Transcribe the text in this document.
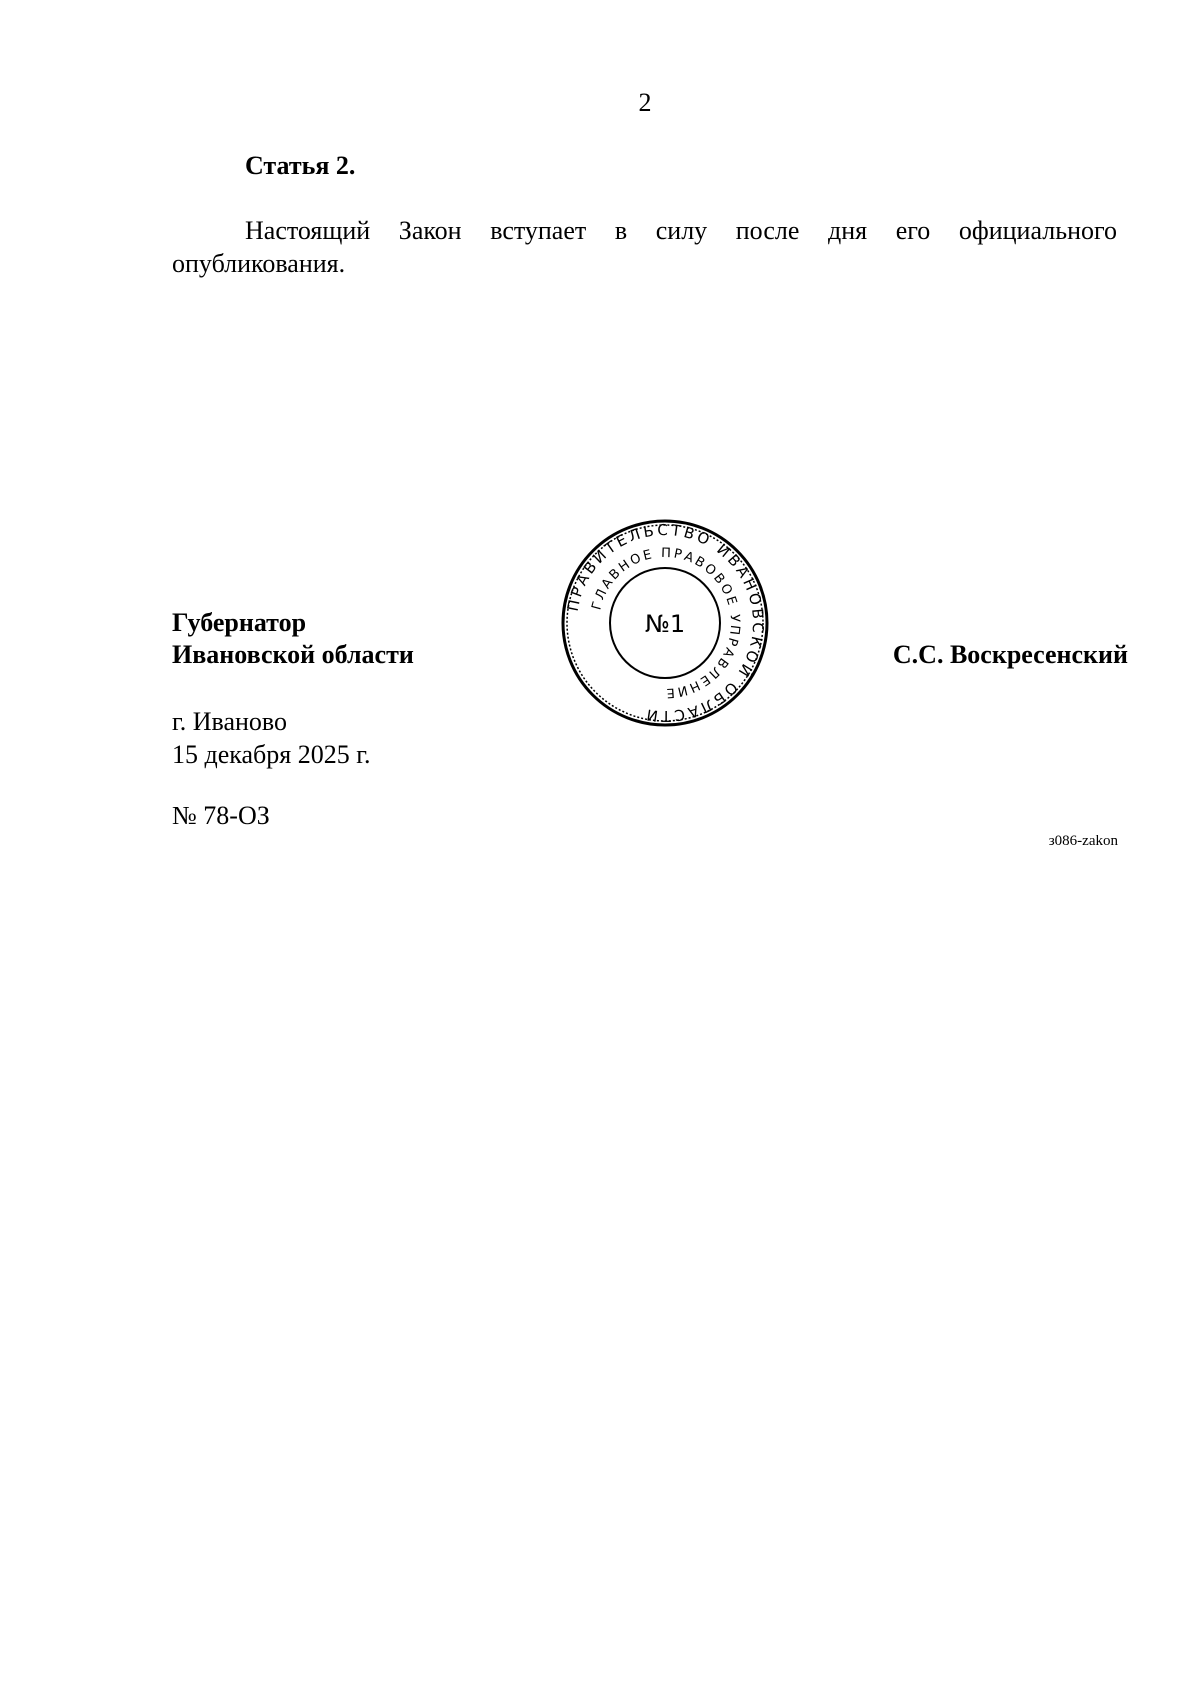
2
Статья 2.
Настоящий Закон вступает в силу после дня его официального
опубликования.
Губернатор
Ивановской области
ПРАВИТЕЛЬСТВО ИВАНОВСКОЙ ОБЛАСТИ
ГЛАВНОЕ ПРАВОВОЕ УПРАВЛЕНИЕ
№1
С.С. Воскресенский
г. Иваново
15 декабря 2025 г.
№ 78-ОЗ
з086-zakon
